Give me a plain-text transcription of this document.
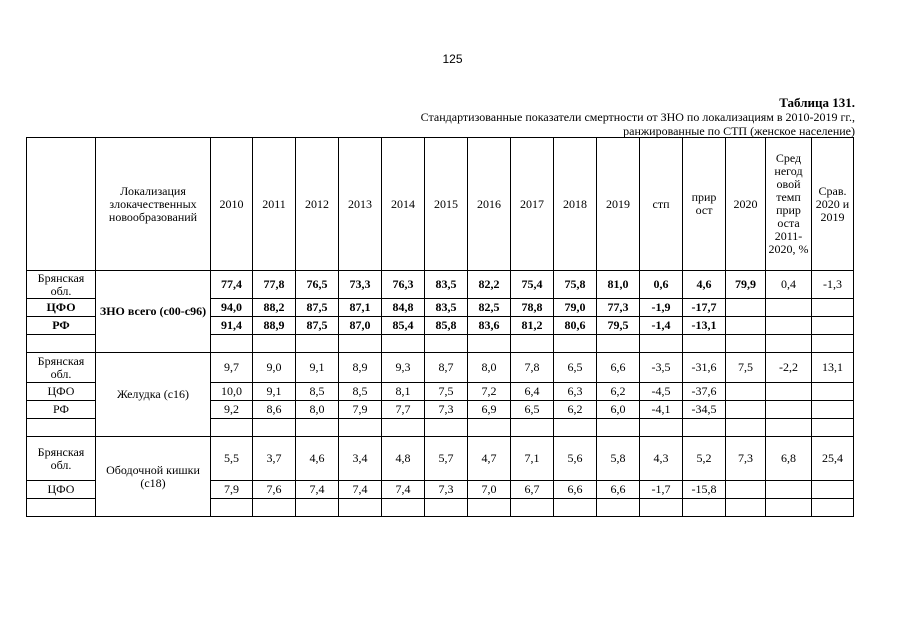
125
Таблица 131.
Стандартизованные показатели смертности от ЗНО по локализациям в 2010-2019 гг.,
ранжированные по СТП (женское население)
	Локализация злокачественных новообразований	2010	2011	2012	2013	2014	2015	2016	2017	2018	2019	стп	прир ост	2020	Сред негод овой темп прир оста 2011-2020, %	Срав. 2020 и 2019
Брянская обл.	ЗНО всего (с00-с96)	77,4	77,8	76,5	73,3	76,3	83,5	82,2	75,4	75,8	81,0	0,6	4,6	79,9	0,4	-1,3
ЦФО		94,0	88,2	87,5	87,1	84,8	83,5	82,5	78,8	79,0	77,3	-1,9	-17,7			
РФ		91,4	88,9	87,5	87,0	85,4	85,8	83,6	81,2	80,6	79,5	-1,4	-13,1			

Брянская обл.	Желудка (с16)	9,7	9,0	9,1	8,9	9,3	8,7	8,0	7,8	6,5	6,6	-3,5	-31,6	7,5	-2,2	13,1
ЦФО		10,0	9,1	8,5	8,5	8,1	7,5	7,2	6,4	6,3	6,2	-4,5	-37,6			
РФ		9,2	8,6	8,0	7,9	7,7	7,3	6,9	6,5	6,2	6,0	-4,1	-34,5			

Брянская обл.	Ободочной кишки (с18)	5,5	3,7	4,6	3,4	4,8	5,7	4,7	7,1	5,6	5,8	4,3	5,2	7,3	6,8	25,4
ЦФО		7,9	7,6	7,4	7,4	7,4	7,3	7,0	6,7	6,6	6,6	-1,7	-15,8			
